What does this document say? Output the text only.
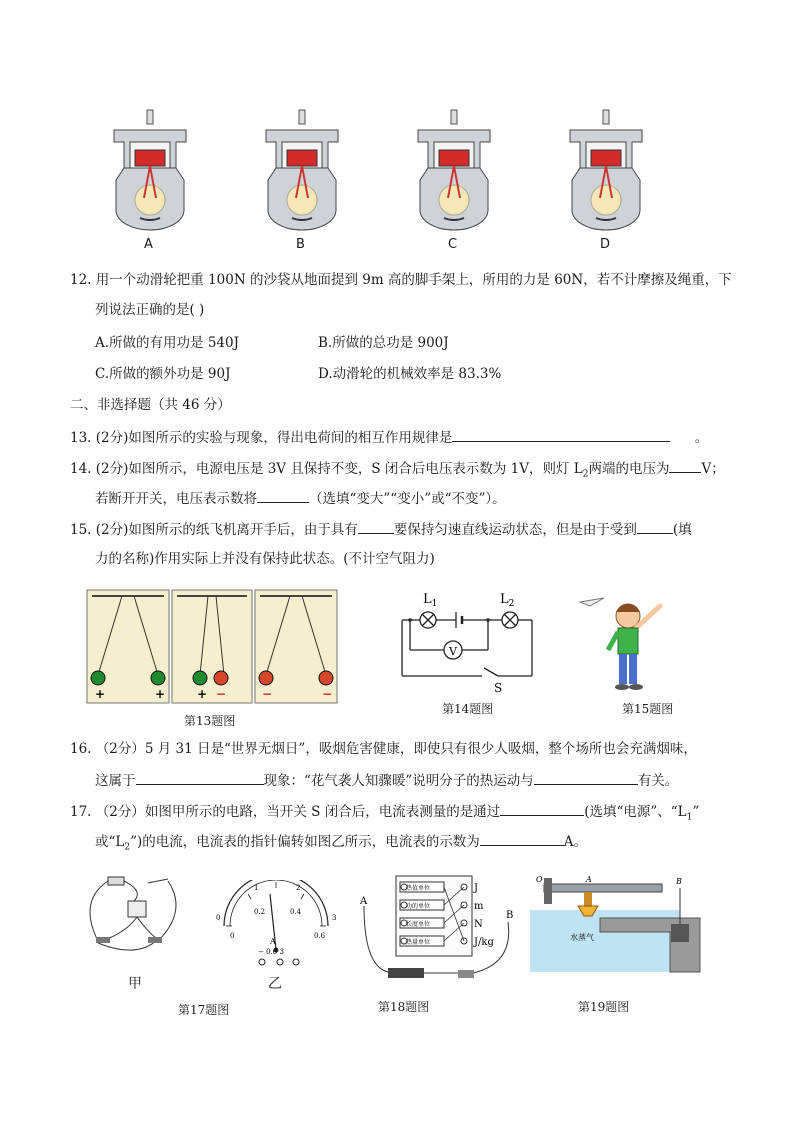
A	B	C	D
12. 用一个动滑轮把重 100N 的沙袋从地面提到 9m 高的脚手架上，所用的力是 60N，若不计摩擦及绳重，下
列说法正确的是( )
A.所做的有用功是 540J	B.所做的总功是 900J
C.所做的额外功是 90J	D.动滑轮的机械效率是 83.3%
二、非选择题（共 46 分）
13. (2分)如图所示的实验与现象，得出电荷间的相互作用规律是	。
14. (2分)如图所示，电源电压是 3V 且保持不变，S 闭合后电压表示数为 1V，则灯 $L_2$两端的电压为 V；
若断开开关，电压表示数将	（选填“变大”“变小”或“不变”）。
15. (2分)如图所示的纸飞机离开手后，由于具有	要保持匀速直线运动状态，但是由于受到	(填
力的名称)作用实际上并没有保持此状态。(不计空气阻力)
+	+	+ −	−	−
第13题图
$L_1$	$L_2$
V
S
第14题图	第15题图
16. （2分）5 月 31 日是“世界无烟日”，吸烟危害健康，即使只有很少人吸烟，整个场所也会充满烟味，
这属于	现象：“花气袭人知骤暖”说明分子的热运动与	有关。
17. （2分）如图甲所示的电路，当开关 S 闭合后，电流表测量的是通过	(选填“电源”、“$L_1$”
或“$L_2$”)的电流，电流表的指针偏转如图乙所示，电流表的示数为	A。
甲
0
1	2
3
0
0.2	0.4
0.6
A
− 0.6 3
乙
第17题图
热值单位
功的单位
长度单位
热量单位
J
m
N
J/kg
A
B
第18题图
O	A	B
水蒸气
第19题图
